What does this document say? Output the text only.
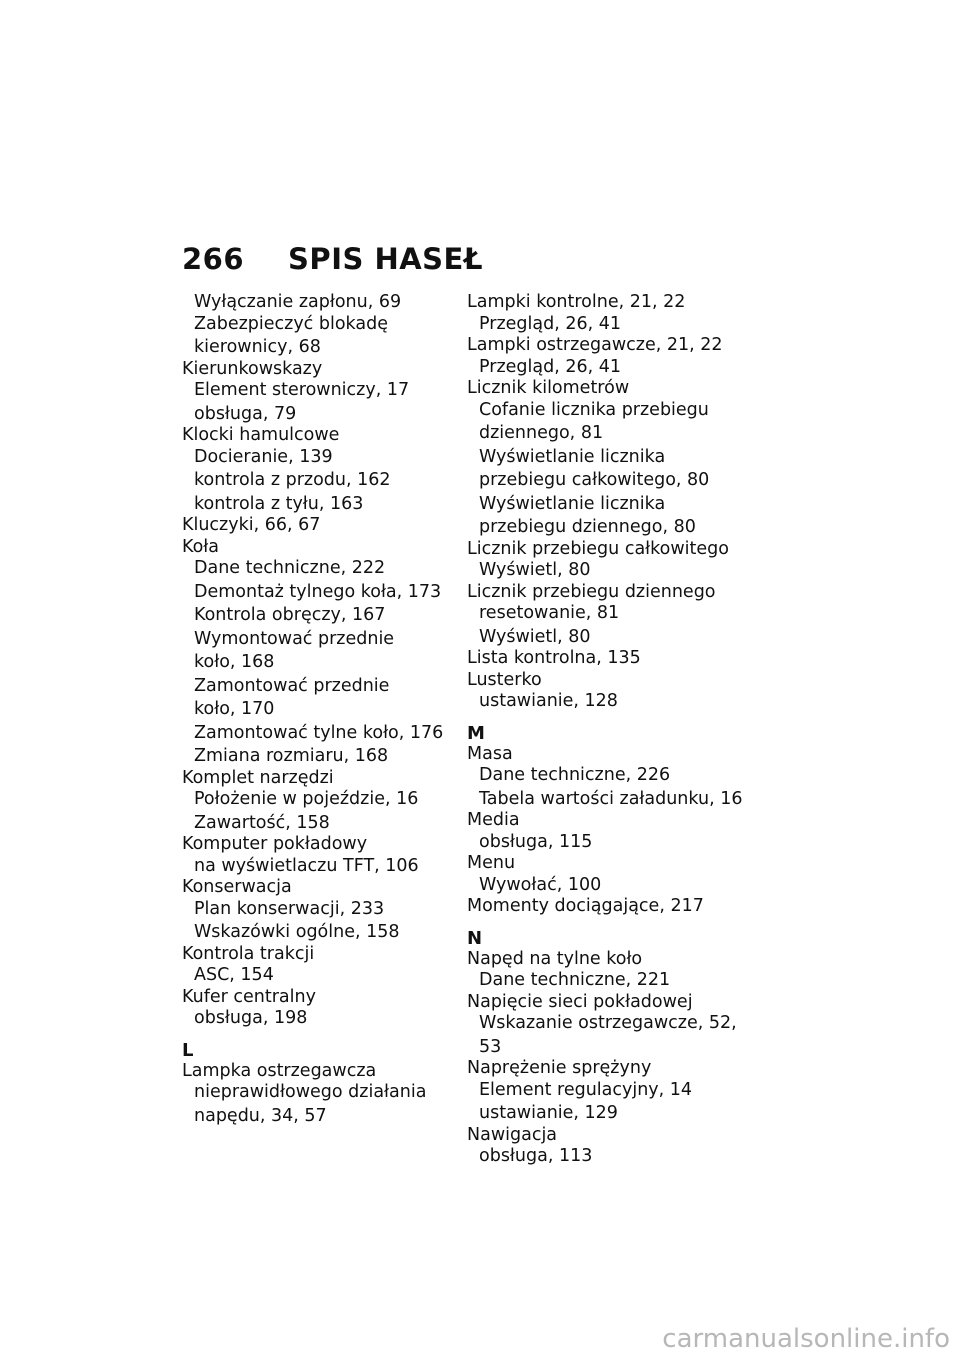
266 SPIS HASEŁ
Wyłączanie zapłonu, 69
Zabezpieczyć blokadę
kierownicy, 68
Kierunkowskazy
Element sterowniczy, 17
obsługa, 79
Klocki hamulcowe
Docieranie, 139
kontrola z przodu, 162
kontrola z tyłu, 163
Kluczyki, 66, 67
Koła
Dane techniczne, 222
Demontaż tylnego koła, 173
Kontrola obręczy, 167
Wymontować przednie
koło, 168
Zamontować przednie
koło, 170
Zamontować tylne koło, 176
Zmiana rozmiaru, 168
Komplet narzędzi
Położenie w pojeździe, 16
Zawartość, 158
Komputer pokładowy
na wyświetlaczu TFT, 106
Konserwacja
Plan konserwacji, 233
Wskazówki ogólne, 158
Kontrola trakcji
ASC, 154
Kufer centralny
obsługa, 198
L
Lampka ostrzegawcza
nieprawidłowego działania
napędu, 34, 57
Lampki kontrolne, 21, 22
Przegląd, 26, 41
Lampki ostrzegawcze, 21, 22
Przegląd, 26, 41
Licznik kilometrów
Cofanie licznika przebiegu
dziennego, 81
Wyświetlanie licznika
przebiegu całkowitego, 80
Wyświetlanie licznika
przebiegu dziennego, 80
Licznik przebiegu całkowitego
Wyświetl, 80
Licznik przebiegu dziennego
resetowanie, 81
Wyświetl, 80
Lista kontrolna, 135
Lusterko
ustawianie, 128
M
Masa
Dane techniczne, 226
Tabela wartości załadunku, 16
Media
obsługa, 115
Menu
Wywołać, 100
Momenty dociągające, 217
N
Napęd na tylne koło
Dane techniczne, 221
Napięcie sieci pokładowej
Wskazanie ostrzegawcze, 52,
53
Naprężenie sprężyny
Element regulacyjny, 14
ustawianie, 129
Nawigacja
obsługa, 113
carmanualsonline.info
